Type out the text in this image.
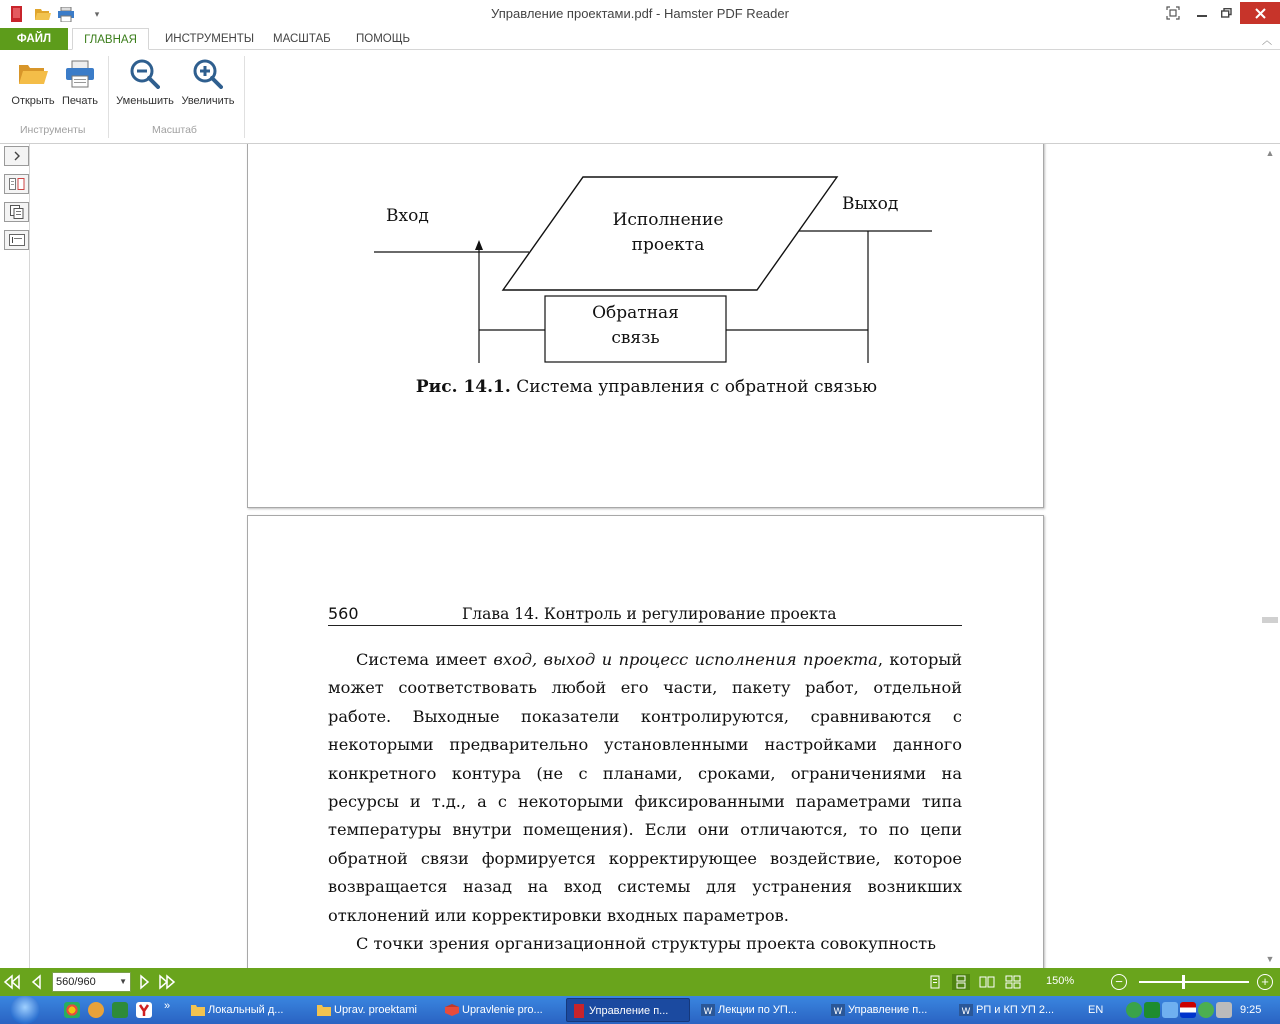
▾	Управление проектами.pdf - Hamster PDF Reader
ФАЙЛ	ГЛАВНАЯ	ИНСТРУМЕНТЫ МАСШТАБ ПОМОЩЬ	︿
Открыть Печать
Инструменты
Уменьшить Увеличить
Масштаб
Вход
Выход
Исполнение
проекта
Обратная
связь
Рис. 14.1. Система управления с обратной связью
560	Глава 14. Контроль и регулирование проекта

Система имеет вход, выход и процесс исполнения проекта, который может соответствовать любой его части, пакету работ, отдельной работе. Выходные показатели контролируются, сравниваются с некоторыми предварительно установленными настройками данного конкретного контура (не с планами, сроками, ограничениями на ресурсы и т.д., а с некоторыми фиксированными параметрами типа температуры внутри помещения). Если они отличаются, то по цепи обратной связи формируется корректирующее воздействие, которое возвращается назад на вход системы для устранения возникших отклонений или корректировки входных параметров.

С точки зрения организационной структуры проекта совокупность

▲
▼
560/960	▼	150%	−	+
»	Локальный д...	Uprav. proektami	Upravlenie pro...	Управление п...	W Лекции по УП...	W Управление п...	W РП и КП УП 2...	EN	9:25
